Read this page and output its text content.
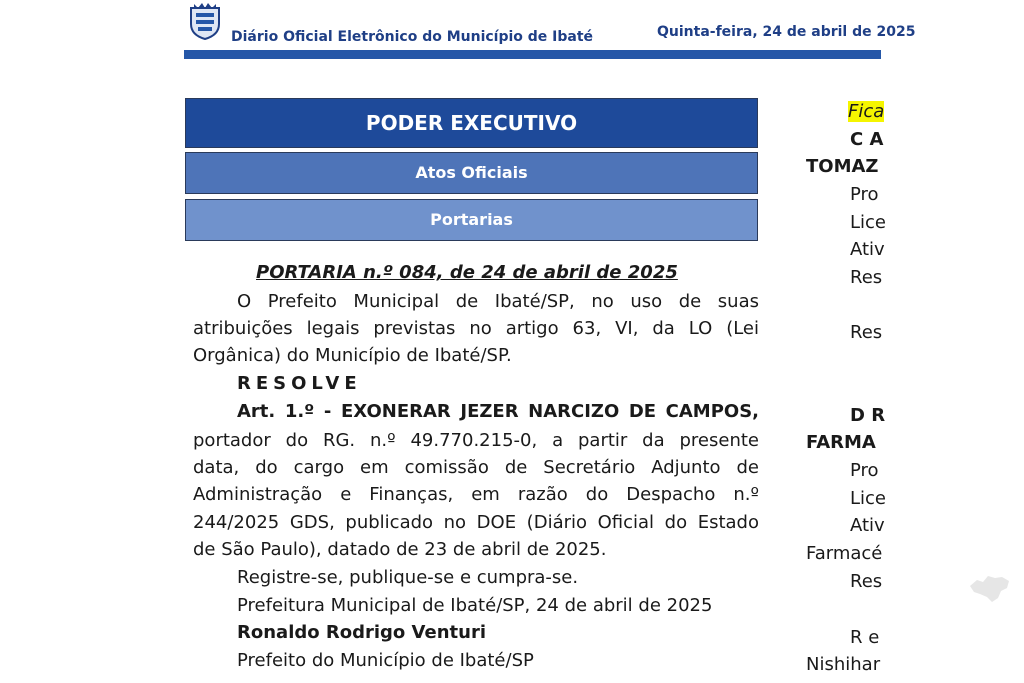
Diário Oficial Eletrônico do Município de Ibaté	Quinta-feira, 24 de abril de 2025
PODER EXECUTIVO
Atos Oficiais
Portarias
PORTARIA n.º 084, de 24 de abril de 2025
O Prefeito Municipal de Ibaté/SP, no uso de suas
atribuições legais previstas no artigo 63, VI, da LO (Lei
Orgânica) do Município de Ibaté/SP.
RESOLVE
Art. 1.º - EXONERAR JEZER NARCIZO DE CAMPOS,
portador do RG. n.º 49.770.215-0, a partir da presente
data, do cargo em comissão de Secretário Adjunto de
Administração e Finanças, em razão do Despacho n.º
244/2025 GDS, publicado no DOE (Diário Oficial do Estado
de São Paulo), datado de 23 de abril de 2025.
Registre-se, publique-se e cumpra-se.
Prefeitura Municipal de Ibaté/SP, 24 de abril de 2025
Ronaldo Rodrigo Venturi
Prefeito do Município de Ibaté/SP
Fica
C A
TOMAZ
Pro
Lice
Ativ
Res
Res
D R
FARMA
Pro
Lice
Ativ
Farmacé
Res
R e
Nishihar
